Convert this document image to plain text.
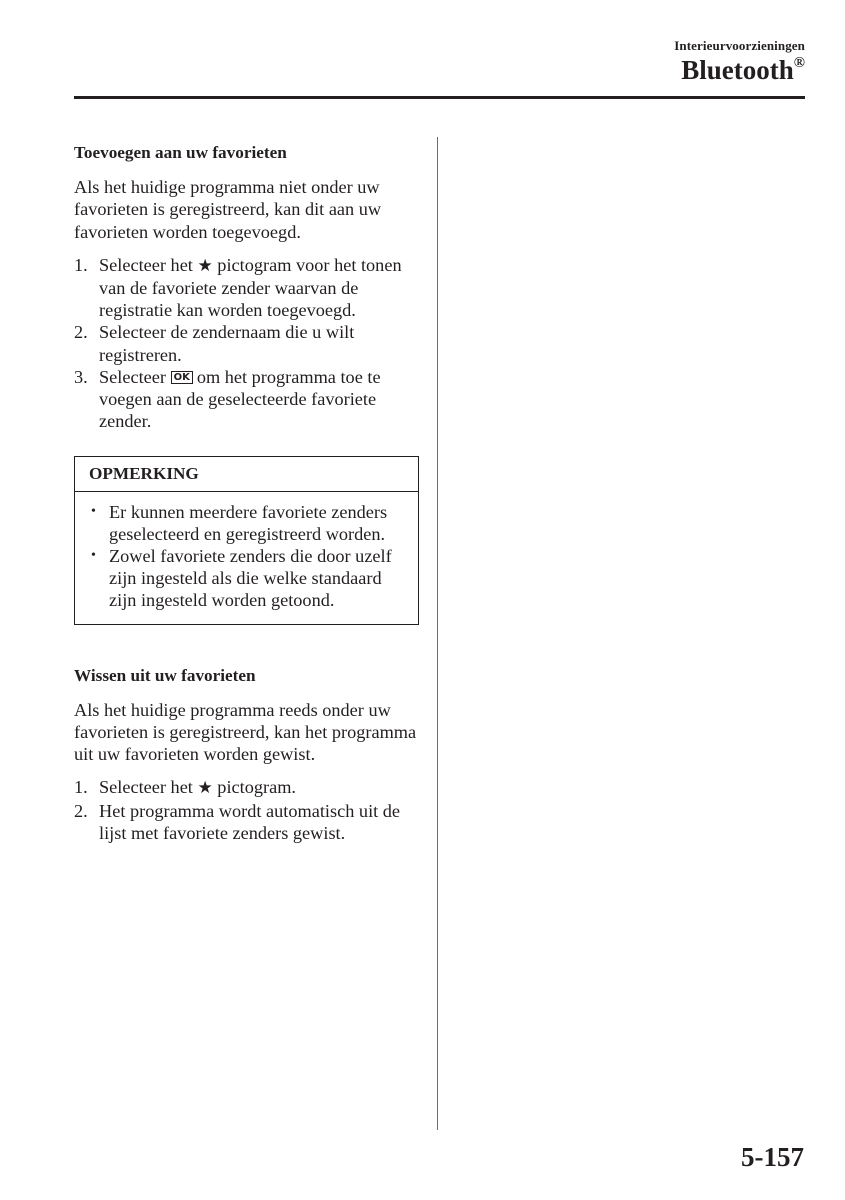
Interieurvoorzieningen
Bluetooth®
Toevoegen aan uw favorieten

Als het huidige programma niet onder uw favorieten is geregistreerd, kan dit aan uw favorieten worden toegevoegd.

1. Selecteer het ★ pictogram voor het tonen van de favoriete zender waarvan de registratie kan worden toegevoegd.
2. Selecteer de zendernaam die u wilt registreren.
3. Selecteer OK om het programma toe te voegen aan de geselecteerde favoriete zender.
OPMERKING
• Er kunnen meerdere favoriete zenders geselecteerd en geregistreerd worden.
• Zowel favoriete zenders die door uzelf zijn ingesteld als die welke standaard zijn ingesteld worden getoond.
Wissen uit uw favorieten

Als het huidige programma reeds onder uw favorieten is geregistreerd, kan het programma uit uw favorieten worden gewist.

1. Selecteer het ★ pictogram.
2. Het programma wordt automatisch uit de lijst met favoriete zenders gewist.
5-157
